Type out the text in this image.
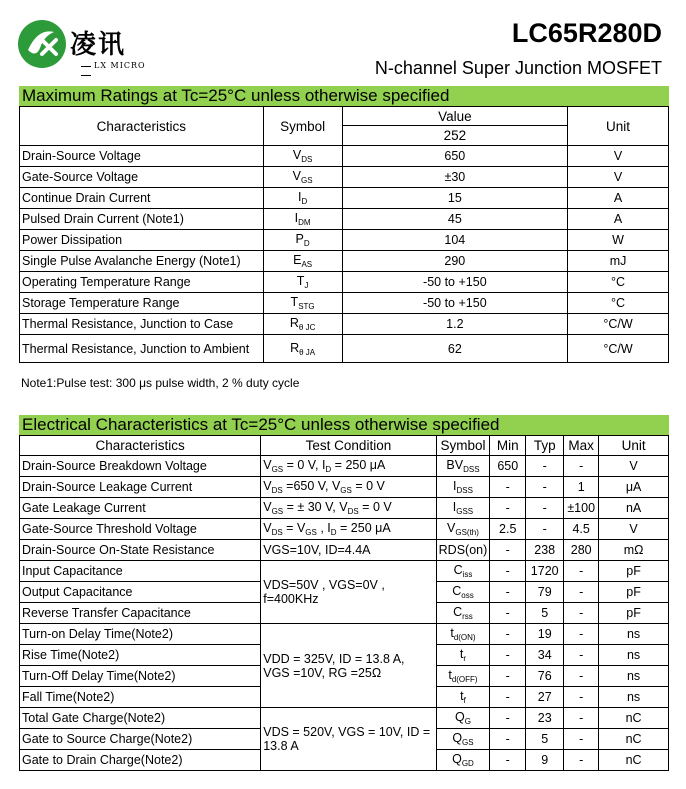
凌讯
LX MICRO
LC65R280D
N-channel Super Junction MOSFET
Maximum Ratings at Tc=25°C unless otherwise specified
Characteristics	Symbol	Value	Unit
		252	
Drain-Source Voltage	$V_{DS}$	650	V
Gate-Source Voltage	$V_{GS}$	±30	V
Continue Drain Current	$I_D$	15	A
Pulsed Drain Current (Note1)	$I_{DM}$	45	A
Power Dissipation	$P_D$	104	W
Single Pulse Avalanche Energy (Note1)	$E_{AS}$	290	mJ
Operating Temperature Range	$T_J$	-50 to +150	°C
Storage Temperature Range	$T_{STG}$	-50 to +150	°C
Thermal Resistance, Junction to Case	$R_{\theta JC}$	1.2	°C/W
Thermal Resistance, Junction to Ambient	$R_{\theta JA}$	62	°C/W
Note1:Pulse test: 300 μs pulse width, 2 % duty cycle
Electrical Characteristics at Tc=25°C unless otherwise specified
Characteristics	Test Condition	Symbol	Min	Typ	Max	Unit
Drain-Source Breakdown Voltage	$V_{GS} = 0$ V, $I_D = 250$ μA	$BV_{DSS}$	650	-	-	V
Drain-Source Leakage Current	$V_{DS} =650$ V, $V_{GS} = 0$ V	$I_{DSS}$	-	-	1	μA
Gate Leakage Current	$V_{GS}$ = ± 30 V, $V_{DS} = 0$ V	$I_{GSS}$	-	-	±100	nA
Gate-Source Threshold Voltage	$V_{DS} = V_{GS}$ , $I_D = 250$ μA	$V_{GS(th)}$	2.5	-	4.5	V
Drain-Source On-State Resistance	VGS=10V, ID=4.4A	RDS(on)	-	238	280	mΩ
Input Capacitance	VDS=50V , VGS=0V , f=400KHz	$C_{iss}$	-	1720	-	pF
Output Capacitance		$C_{oss}$	-	79	-	pF
Reverse Transfer Capacitance		$C_{rss}$	-	5	-	pF
Turn-on Delay Time(Note2)	VDD = 325V, ID = 13.8 A, VGS =10V, RG =25Ω	$t_{d(ON)}$	-	19	-	ns
Rise Time(Note2)		$t_r$	-	34	-	ns
Turn-Off Delay Time(Note2)		$t_{d(OFF)}$	-	76	-	ns
Fall Time(Note2)		$t_f$	-	27	-	ns
Total Gate Charge(Note2)	VDS = 520V, VGS = 10V, ID = 13.8 A	$Q_G$	-	23	-	nC
Gate to Source Charge(Note2)		$Q_{GS}$	-	5	-	nC
Gate to Drain Charge(Note2)		$Q_{GD}$	-	9	-	nC
